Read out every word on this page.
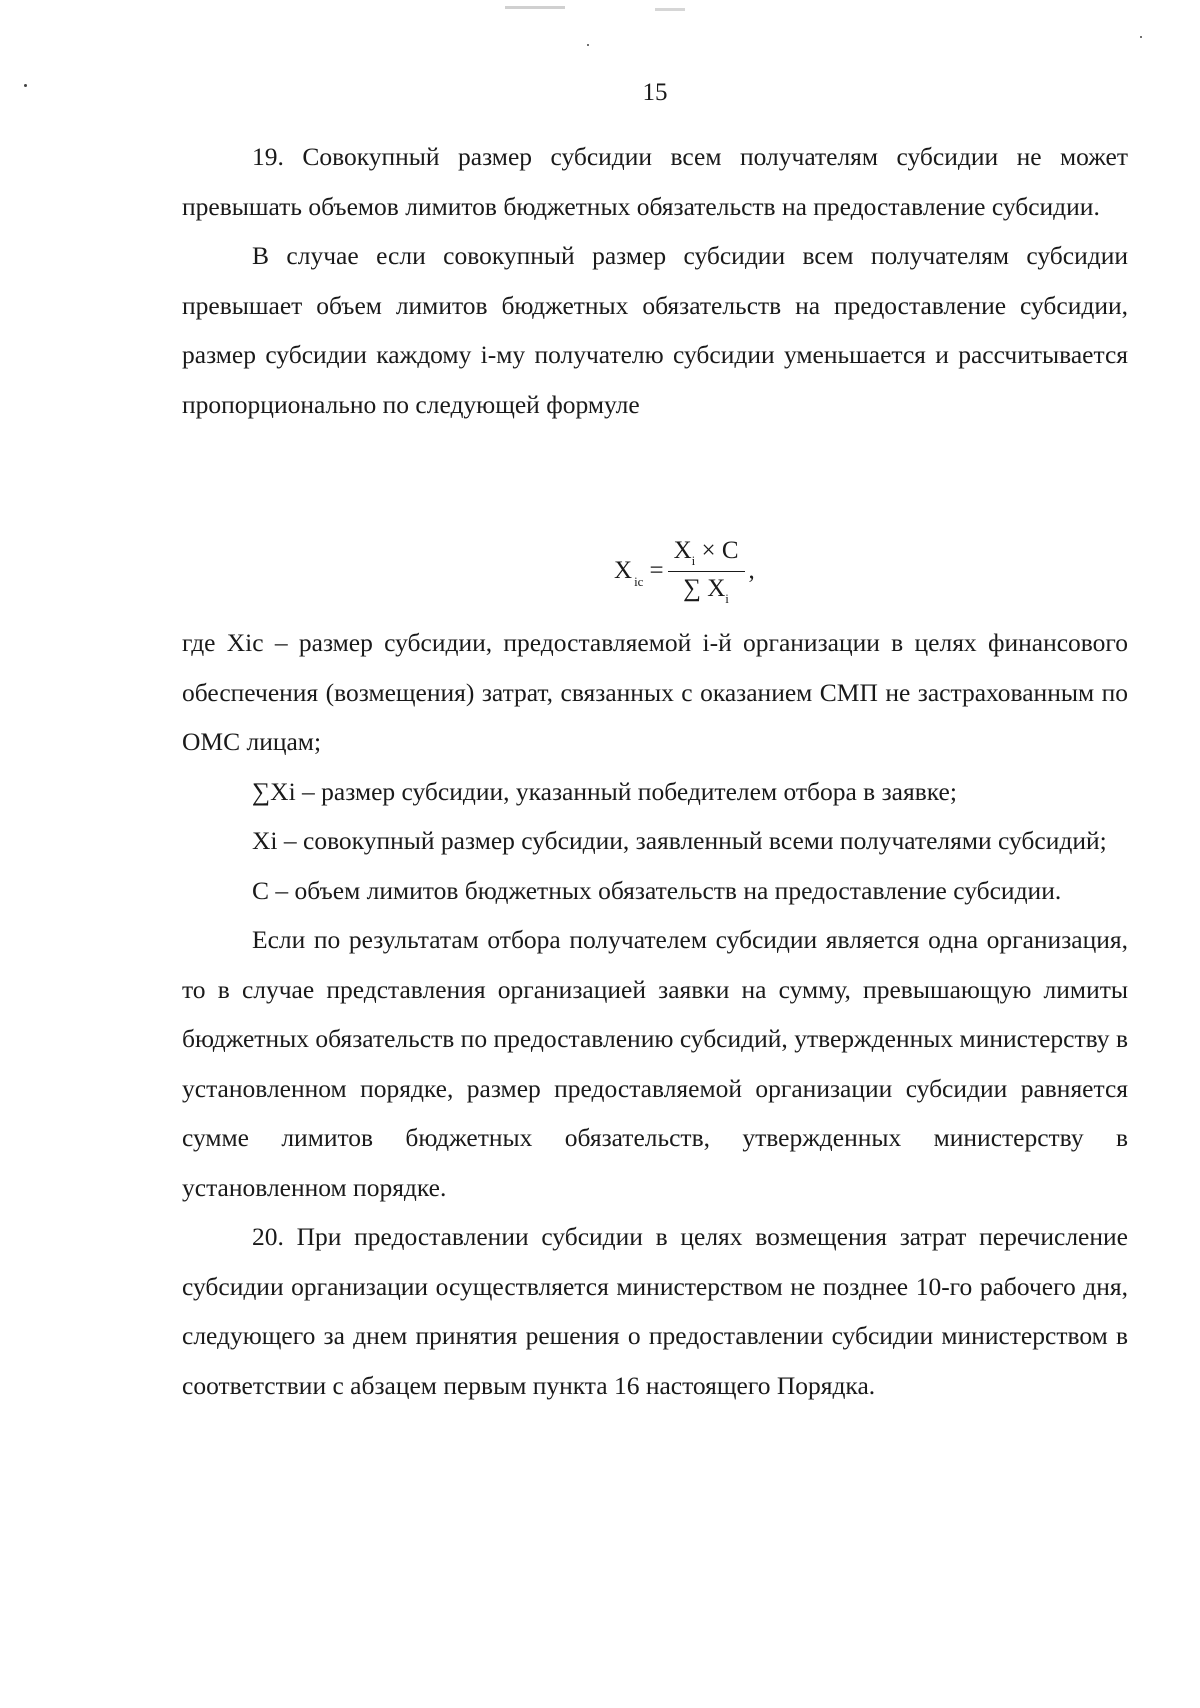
15

19. Совокупный размер субсидии всем получателям субсидии не может превышать объемов лимитов бюджетных обязательств на предоставление субсидии.

В случае если совокупный размер субсидии всем получателям субсидии превышает объем лимитов бюджетных обязательств на предоставление субсидии, размер субсидии каждому i-му получателю субсидии уменьшается и рассчитывается пропорционально по следующей формуле

X $_{ic} = \frac{X_i \times C}{\sum X_i}$ ,

где Xic – размер субсидии, предоставляемой i-й организации в целях финансового обеспечения (возмещения) затрат, связанных с оказанием СМП не застрахованным по ОМС лицам;

∑Xi – размер субсидии, указанный победителем отбора в заявке;

Xi – совокупный размер субсидии, заявленный всеми получателями субсидий;

С – объем лимитов бюджетных обязательств на предоставление субсидии.

Если по результатам отбора получателем субсидии является одна организация, то в случае представления организацией заявки на сумму, превышающую лимиты бюджетных обязательств по предоставлению субсидий, утвержденных министерству в установленном порядке, размер предоставляемой организации субсидии равняется сумме лимитов бюджетных обязательств, утвержденных министерству в установленном порядке.

20. При предоставлении субсидии в целях возмещения затрат перечисление субсидии организации осуществляется министерством не позднее 10-го рабочего дня, следующего за днем принятия решения о предоставлении субсидии министерством в соответствии с абзацем первым пункта 16 настоящего Порядка.
